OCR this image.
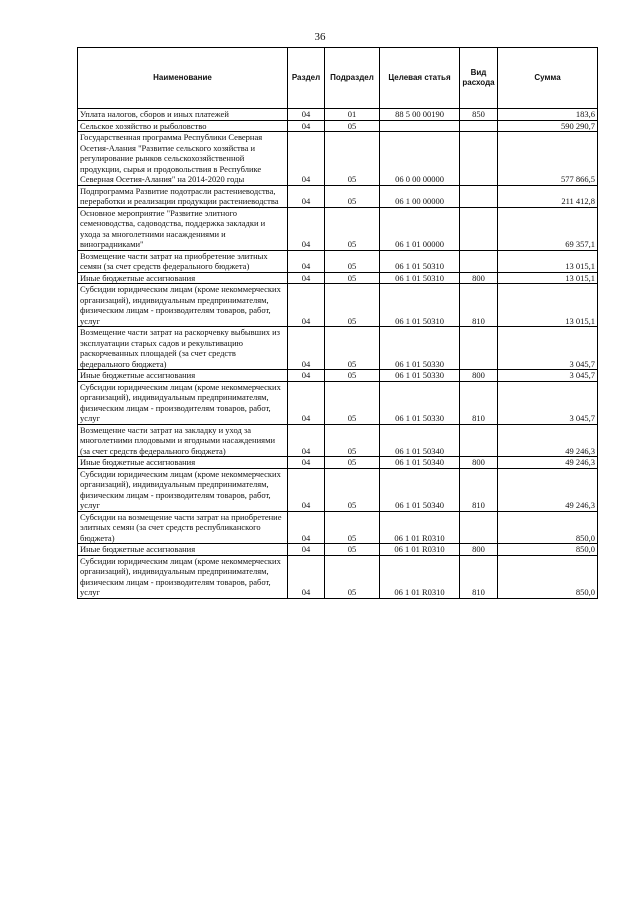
36
Наименование	Раздел	Подраздел	Целевая статья	Вид расхода	Сумма
Уплата налогов, сборов и иных платежей	04	01	88 5 00 00190	850	183,6
Сельское хозяйство и рыболовство	04	05			590 290,7
Государственная программа Республики Северная Осетия-Алания "Развитие сельского хозяйства и регулирование рынков сельскохозяйственной продукции, сырья и продовольствия в Республике Северная Осетия-Алания" на 2014-2020 годы	04	05	06 0 00 00000		577 866,5
Подпрограмма Развитие подотрасли растениеводства, переработки и реализации продукции растениеводства	04	05	06 1 00 00000		211 412,8
Основное мероприятие "Развитие элитного семеноводства, садоводства, поддержка закладки и ухода за многолетними насаждениями и виноградниками"	04	05	06 1 01 00000		69 357,1
Возмещение части затрат на приобретение элитных семян (за счет средств федерального бюджета)	04	05	06 1 01 50310		13 015,1
Иные бюджетные ассигнования	04	05	06 1 01 50310	800	13 015,1
Субсидии юридическим лицам (кроме некоммерческих организаций), индивидуальным предпринимателям, физическим лицам - производителям товаров, работ, услуг	04	05	06 1 01 50310	810	13 015,1
Возмещение части затрат на раскорчевку выбывших из эксплуатации старых садов и рекультивацию раскорчеванных площадей (за счет средств федерального бюджета)	04	05	06 1 01 50330		3 045,7
Иные бюджетные ассигнования	04	05	06 1 01 50330	800	3 045,7
Субсидии юридическим лицам (кроме некоммерческих организаций), индивидуальным предпринимателям, физическим лицам - производителям товаров, работ, услуг	04	05	06 1 01 50330	810	3 045,7
Возмещение части затрат на закладку и уход за многолетними плодовыми и ягодными насаждениями (за счет средств федерального бюджета)	04	05	06 1 01 50340		49 246,3
Иные бюджетные ассигнования	04	05	06 1 01 50340	800	49 246,3
Субсидии юридическим лицам (кроме некоммерческих организаций), индивидуальным предпринимателям, физическим лицам - производителям товаров, работ, услуг	04	05	06 1 01 50340	810	49 246,3
Субсидии на возмещение части затрат на приобретение элитных семян (за счет средств республиканского бюджета)	04	05	06 1 01 R0310		850,0
Иные бюджетные ассигнования	04	05	06 1 01 R0310	800	850,0
Субсидии юридическим лицам (кроме некоммерческих организаций), индивидуальным предпринимателям, физическим лицам - производителям товаров, работ, услуг	04	05	06 1 01 R0310	810	850,0
